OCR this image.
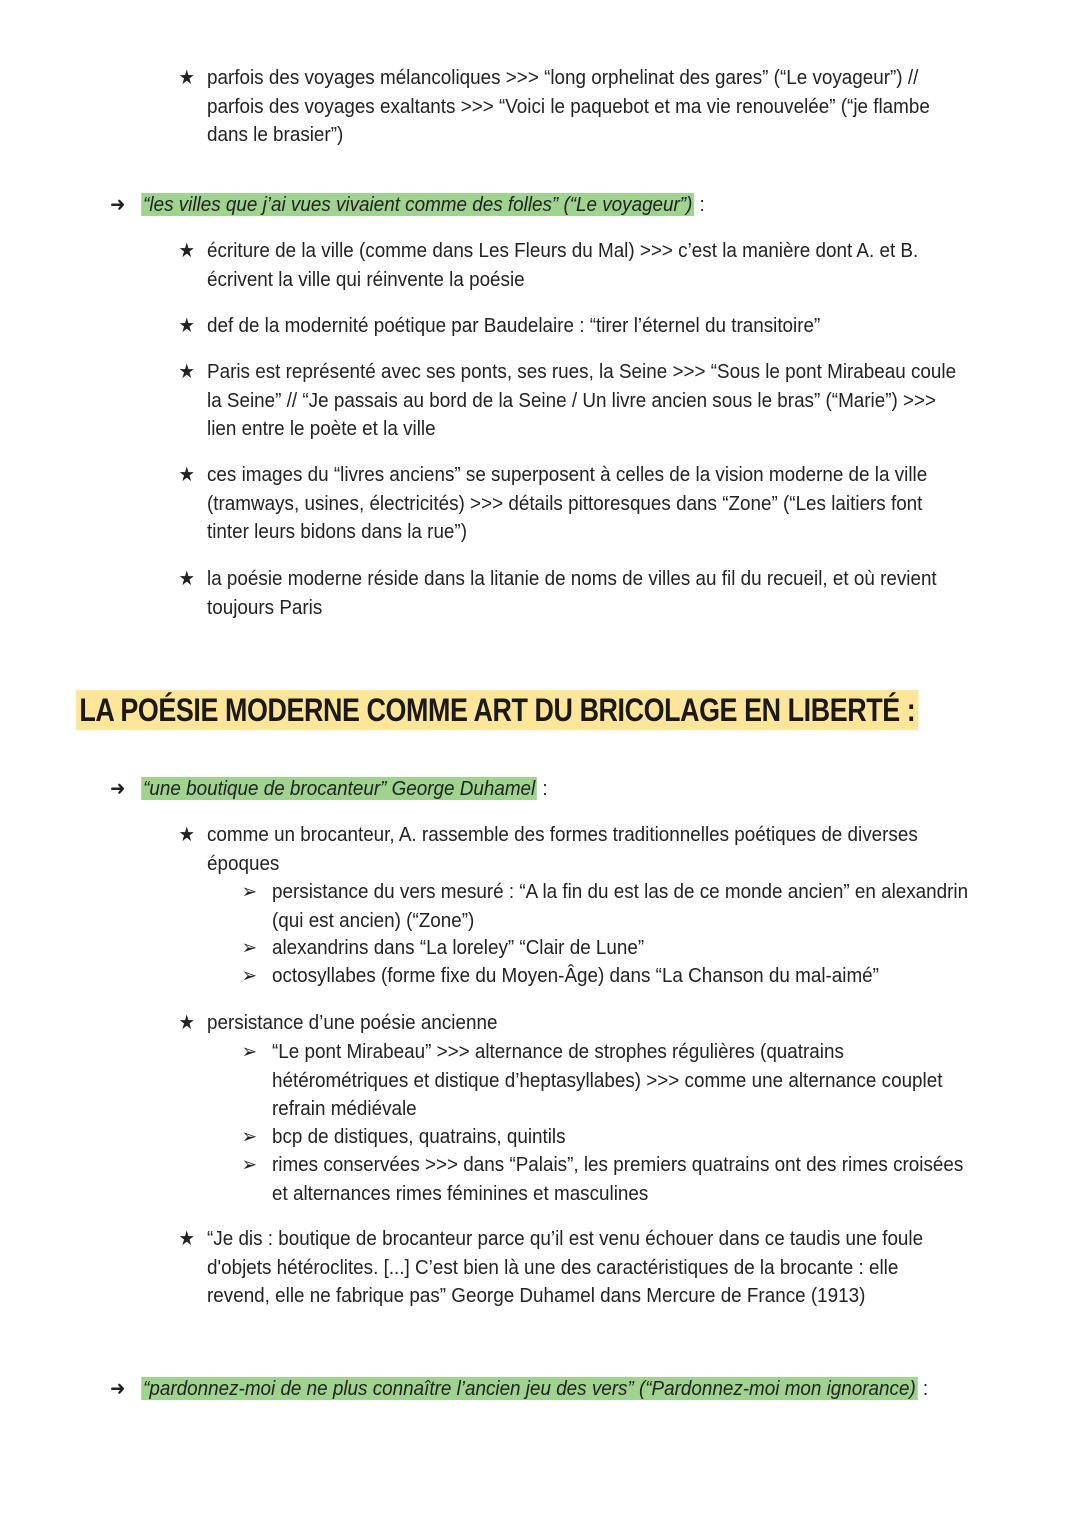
★ parfois des voyages mélancoliques >>> “long orphelinat des gares” (“Le voyageur”) // parfois des voyages exaltants >>> “Voici le paquebot et ma vie renouvelée” (“je flambe dans le brasier”)
➜ “les villes que j’ai vues vivaient comme des folles” (“Le voyageur”) :
★ écriture de la ville (comme dans Les Fleurs du Mal) >>> c’est la manière dont A. et B. écrivent la ville qui réinvente la poésie
★ def de la modernité poétique par Baudelaire : “tirer l’éternel du transitoire”
★ Paris est représenté avec ses ponts, ses rues, la Seine >>> “Sous le pont Mirabeau coule la Seine” // “Je passais au bord de la Seine / Un livre ancien sous le bras” (“Marie”) >>> lien entre le poète et la ville
★ ces images du “livres anciens” se superposent à celles de la vision moderne de la ville (tramways, usines, électricités) >>> détails pittoresques dans “Zone” (“Les laitiers font tinter leurs bidons dans la rue”)
★ la poésie moderne réside dans la litanie de noms de villes au fil du recueil, et où revient toujours Paris
LA POÉSIE MODERNE COMME ART DU BRICOLAGE EN LIBERTÉ :
➜ “une boutique de brocanteur” George Duhamel :
★ comme un brocanteur, A. rassemble des formes traditionnelles poétiques de diverses époques
➢ persistance du vers mesuré : “A la fin du est las de ce monde ancien” en alexandrin (qui est ancien) (“Zone”)
➢ alexandrins dans “La loreley” “Clair de Lune”
➢ octosyllabes (forme fixe du Moyen-Âge) dans “La Chanson du mal-aimé”
★ persistance d’une poésie ancienne
➢ “Le pont Mirabeau” >>> alternance de strophes régulières (quatrains hétérométriques et distique d’heptasyllabes) >>> comme une alternance couplet refrain médiévale
➢ bcp de distiques, quatrains, quintils
➢ rimes conservées >>> dans “Palais”, les premiers quatrains ont des rimes croisées et alternances rimes féminines et masculines
★ “Je dis : boutique de brocanteur parce qu’il est venu échouer dans ce taudis une foule d'objets hétéroclites. [...] C’est bien là une des caractéristiques de la brocante : elle revend, elle ne fabrique pas” George Duhamel dans Mercure de France (1913)
➜ “pardonnez-moi de ne plus connaître l’ancien jeu des vers” (“Pardonnez-moi mon ignorance) :
